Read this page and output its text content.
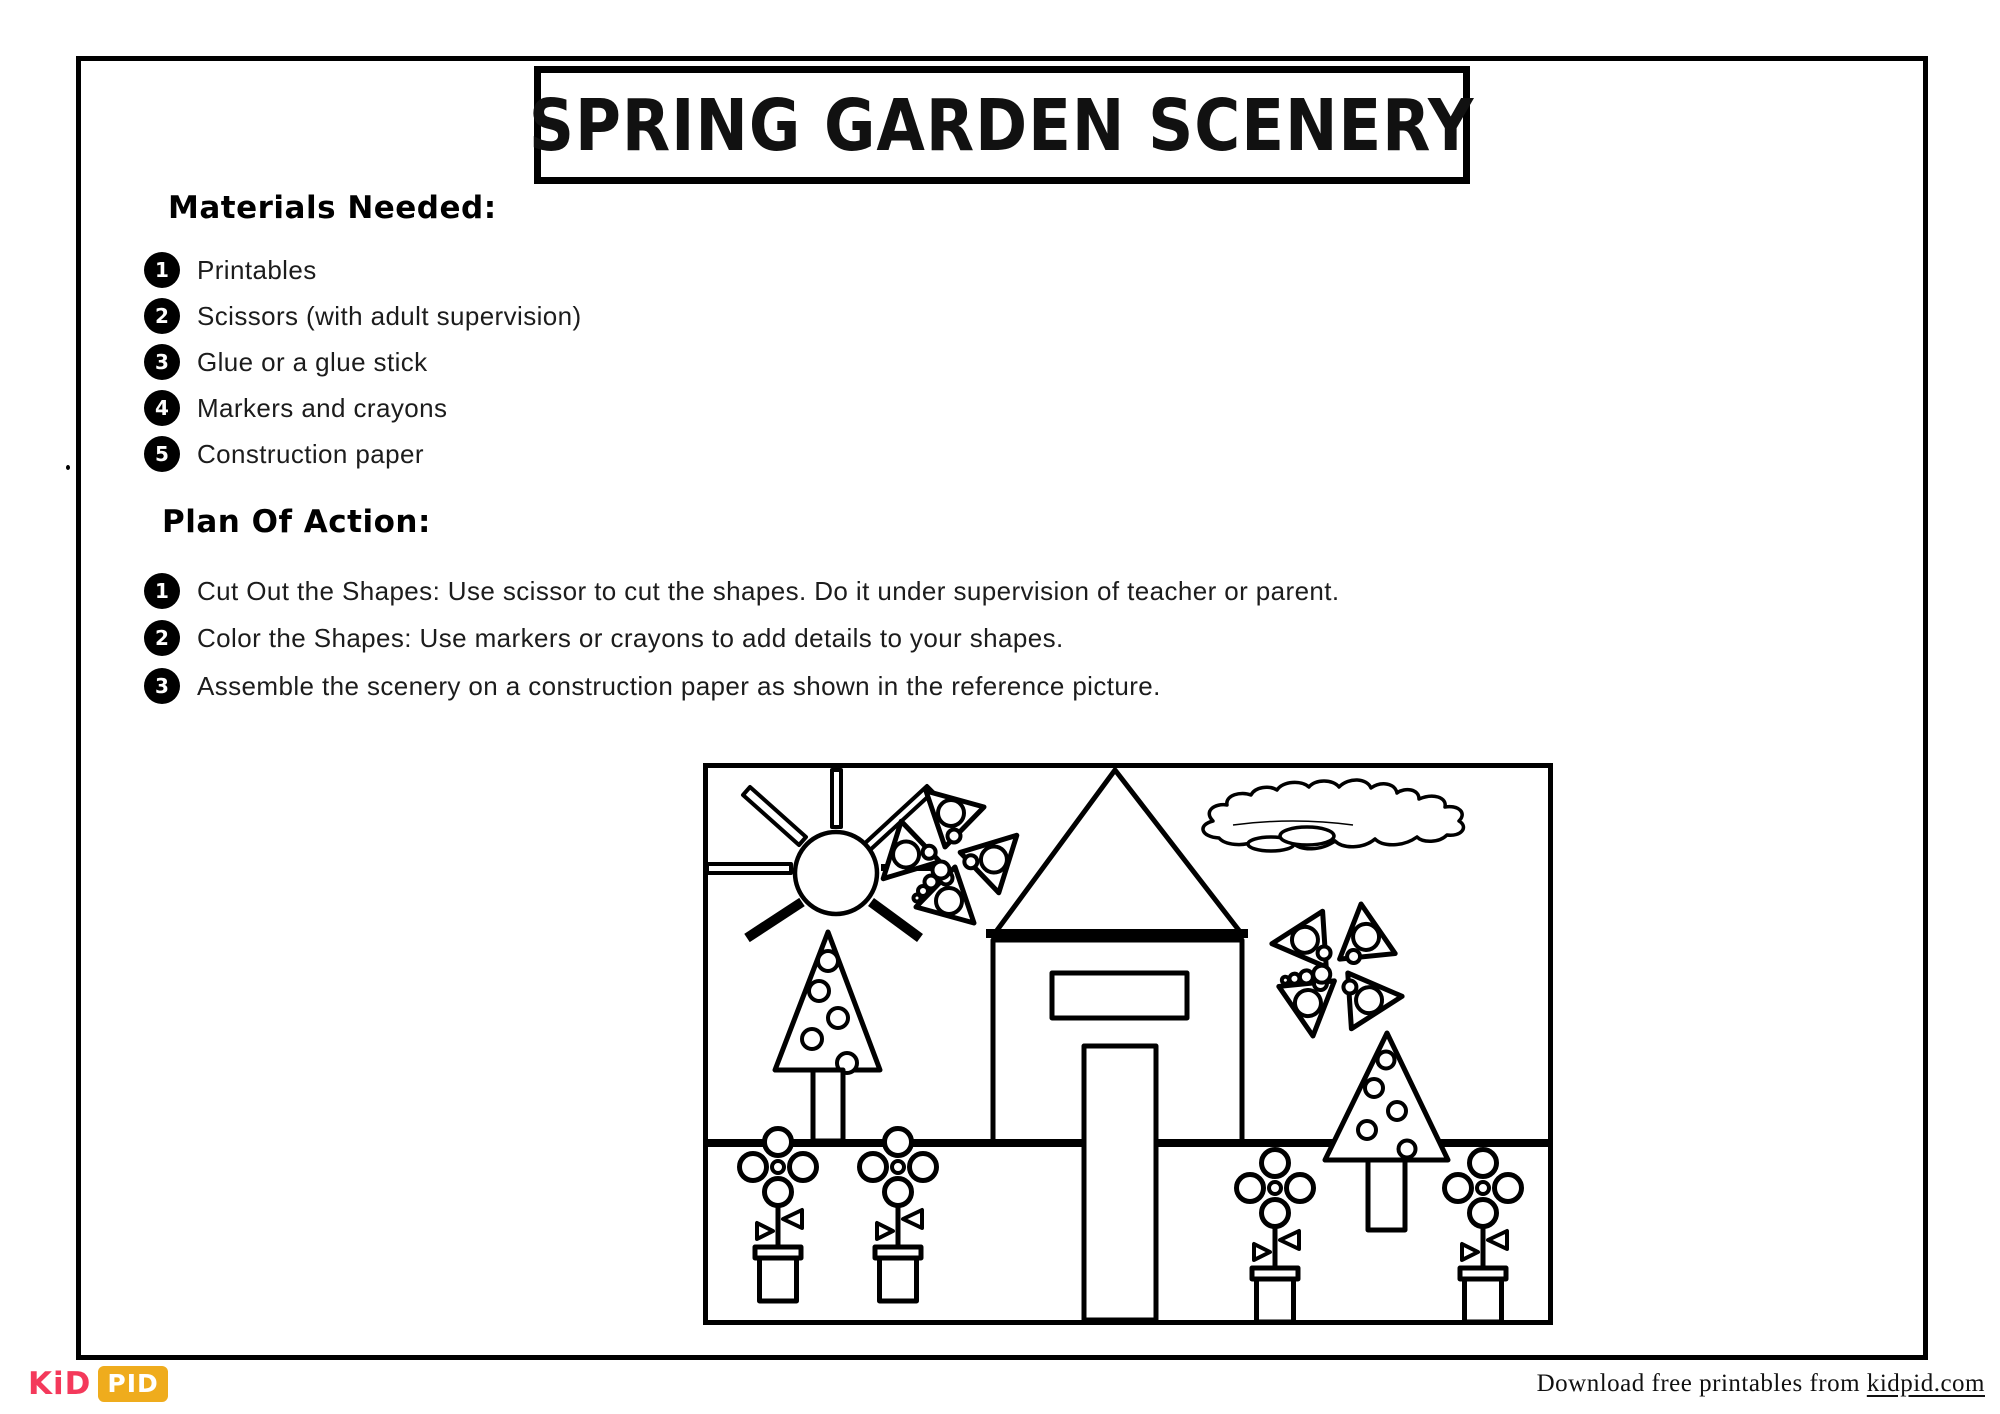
SPRING GARDEN SCENERY
Materials Needed:
1	Printables
2	Scissors (with adult supervision)
3	Glue or a glue stick
4	Markers and crayons
5	Construction paper
Plan Of Action:
1	Cut Out the Shapes: Use scissor to cut the shapes. Do it under supervision of teacher or parent.
2	Color the Shapes: Use markers or crayons to add details to your shapes.
3	Assemble the scenery on a construction paper as shown in the reference picture.
KiD PID	Download free printables from kidpid.com
